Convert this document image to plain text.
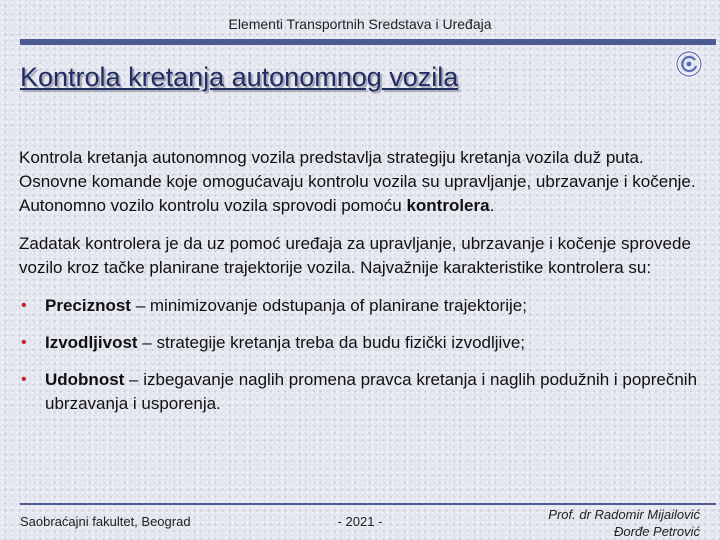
Elementi Transportnih Sredstava i Uređaja
Kontrola kretanja autonomnog vozila

Kontrola kretanja autonomnog vozila predstavlja strategiju kretanja vozila duž puta. Osnovne komande koje omogućavaju kontrolu vozila su upravljanje, ubrzavanje i kočenje. Autonomno vozilo kontrolu vozila sprovodi pomoću kontrolera.

Zadatak kontrolera je da uz pomoć uređaja za upravljanje, ubrzavanje i kočenje sprovede vozilo kroz tačke planirane trajektorije vozila. Najvažnije karakteristike kontrolera su:

• Preciznost – minimizovanje odstupanja of planirane trajektorije;
• Izvodljivost – strategije kretanja treba da budu fizički izvodljive;
• Udobnost – izbegavanje naglih promena pravca kretanja i naglih podužnih i poprečnih ubrzavanja i usporenja.
Saobraćajni fakultet, Beograd	- 2021 -	Prof. dr Radomir Mijailović
Đorđe Petrović
